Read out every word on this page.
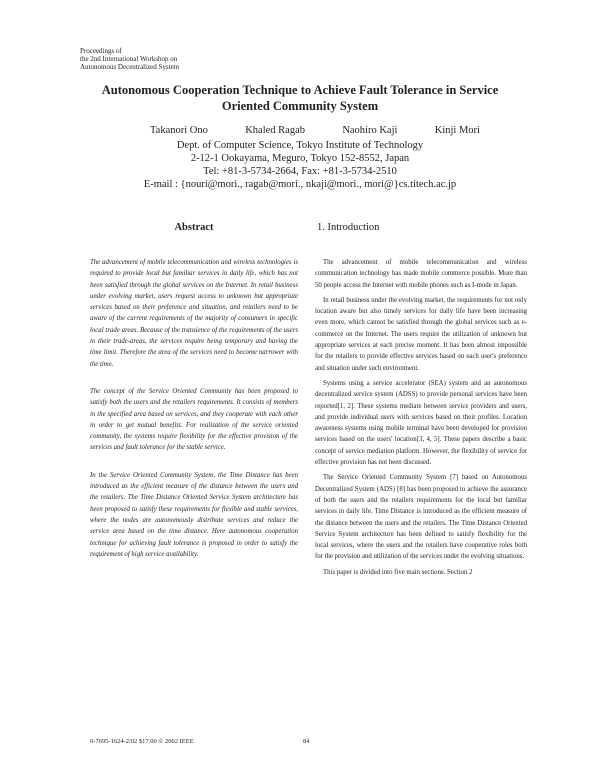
Proceedings of
the 2nd International Workshop on
Autonomous Decentralized System
Autonomous Cooperation Technique to Achieve Fault Tolerance in Service
Oriented Community System
Takanori Ono	Khaled Ragab	Naohiro Kaji	Kinji Mori
Dept. of Computer Science, Tokyo Institute of Technology
2-12-1 Ookayama, Meguro, Tokyo 152-8552, Japan
Tel: +81-3-5734-2664, Fax: +81-3-5734-2510
E-mail : {nouri@mori., ragab@mori., nkaji@mori., mori@}cs.titech.ac.jp
Abstract

The advancement of mobile telecommunication and wireless technologies is required to provide local but familiar services in daily life, which has not been satisfied through the global services on the Internet. In retail business under evolving market, users request access to unknown but appropriate services based on their preference and situation, and retailers need to be aware of the current requirements of the majority of consumers in specific local trade areas. Because of the transience of the requirements of the users in their trade-areas, the services require being temporary and having the time limit. Therefore the area of the services need to become narrower with the time.

The concept of the Service Oriented Community has been proposed to satisfy both the users and the retailers requirements. It consists of members in the specified area based on services, and they cooperate with each other in order to get mutual benefits. For realization of the service oriented community, the systems require flexibility for the effective provision of the services and fault tolerance for the stable service.

In the Service Oriented Community System, the Time Distance has been introduced as the efficient measure of the distance between the users and the retailers. The Time Distance Oriented Service System architecture has been proposed to satisfy these requirements for flexible and stable services, where the nodes are autonomously distribute services and reduce the service area based on the time distance. Here autonomous cooperation technique for achieving fault tolerance is proposed in order to satisfy the requirement of high service availability.

1. Introduction

The advancement of mobile telecommunication and wireless communication technology has made mobile commerce possible. More than 50 people access the Internet with mobile phones such as I-mode in Japan.

In retail business under the evolving market, the requirements for not only location aware but also timely services for daily life have been increasing even more, which cannot be satisfied through the global services such as e-commerce on the Internet. The users require the utilization of unknown but appropriate services at each precise moment. It has been almost impossible for the retailers to provide effective services based on each user's preference and situation under such environment.

Systems using a service accelerator (SEA) system and an autonomous decentralized service system (ADSS) to provide personal services have been reported[1, 2]. These systems mediate between service providers and users, and provide individual users with services based on their profiles. Location awareness systems using mobile terminal have been developed for provision services based on the users' location[3, 4, 5]. These papers describe a basic concept of service mediation platform. However, the flexibility of service for effective provision has not been discussed.

The Service Oriented Community System [7] based on Autonomous Decentralized System (ADS) [8] has been proposed to achieve the assurance of both the users and the retailers requirements for the local but familiar services in daily life. Time Distance is introduced as the efficient measure of the distance between the users and the retailers. The Time Distance Oriented Service System architecture has been defined to satisfy flexibility for the local services, where the users and the retailers have cooperative roles both for the provision and utilization of the services under the evolving situations.

This paper is divided into five main sections. Section 2

0-7695-1624-2/02 $17.00 © 2002 IEEE	84
